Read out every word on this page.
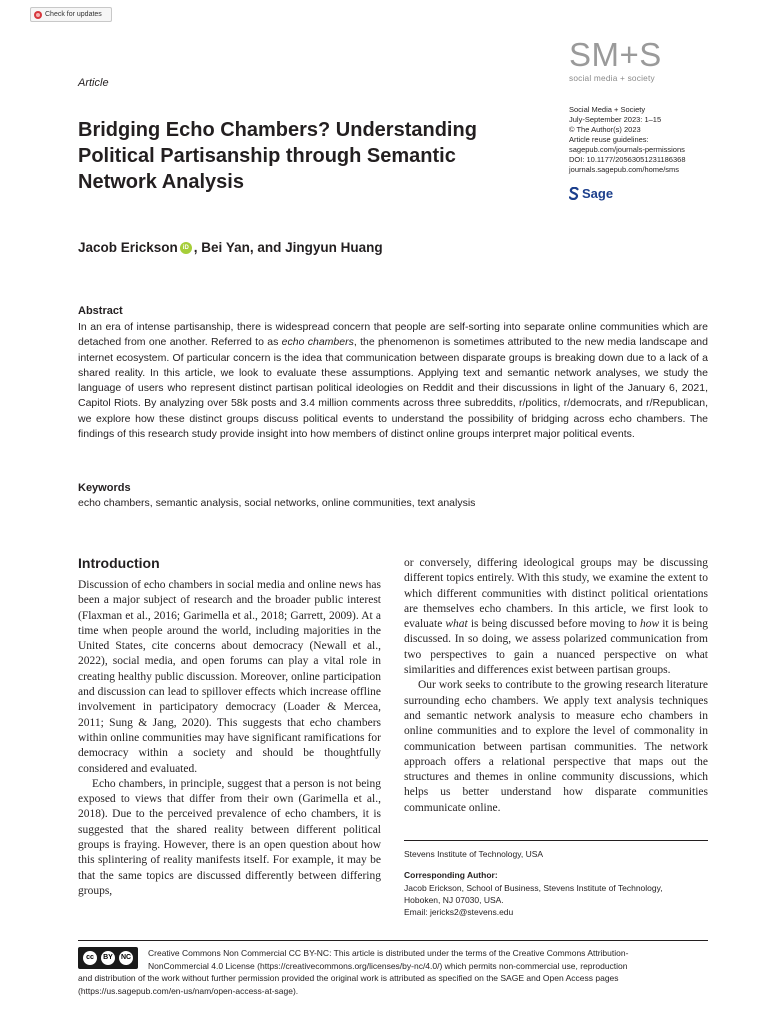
Check for updates
Article
SM+S
social media + society
Social Media + Society
July-September 2023: 1–15
© The Author(s) 2023
Article reuse guidelines:
sagepub.com/journals-permissions
DOI: 10.1177/20563051231186368
journals.sagepub.com/home/sms
Sage
Bridging Echo Chambers? Understanding Political Partisanship through Semantic Network Analysis
Jacob Erickson iD , Bei Yan, and Jingyun Huang
Abstract
In an era of intense partisanship, there is widespread concern that people are self-sorting into separate online communities which are detached from one another. Referred to as echo chambers, the phenomenon is sometimes attributed to the new media landscape and internet ecosystem. Of particular concern is the idea that communication between disparate groups is breaking down due to a lack of a shared reality. In this article, we look to evaluate these assumptions. Applying text and semantic network analyses, we study the language of users who represent distinct partisan political ideologies on Reddit and their discussions in light of the January 6, 2021, Capitol Riots. By analyzing over 58k posts and 3.4 million comments across three subreddits, r/politics, r/democrats, and r/Republican, we explore how these distinct groups discuss political events to understand the possibility of bridging across echo chambers. The findings of this research study provide insight into how members of distinct online groups interpret major political events.
Keywords
echo chambers, semantic analysis, social networks, online communities, text analysis
Introduction

Discussion of echo chambers in social media and online news has been a major subject of research and the broader public interest (Flaxman et al., 2016; Garimella et al., 2018; Garrett, 2009). At a time when people around the world, including majorities in the United States, cite concerns about democracy (Newall et al., 2022), social media, and open forums can play a vital role in creating healthy public discussion. Moreover, online participation and discussion can lead to spillover effects which increase offline involvement in participatory democracy (Loader & Mercea, 2011; Sung & Jang, 2020). This suggests that echo chambers within online communities may have significant ramifications for democracy within a society and should be thoughtfully considered and evaluated.

Echo chambers, in principle, suggest that a person is not being exposed to views that differ from their own (Garimella et al., 2018). Due to the perceived prevalence of echo chambers, it is suggested that the shared reality between different political groups is fraying. However, there is an open question about how this splintering of reality manifests itself. For example, it may be that the same topics are discussed differently between differing groups,

or conversely, differing ideological groups may be discussing different topics entirely. With this study, we examine the extent to which different communities with distinct political orientations are themselves echo chambers. In this article, we first look to evaluate what is being discussed before moving to how it is being discussed. In so doing, we assess polarized communication from two perspectives to gain a nuanced perspective on what similarities and differences exist between partisan groups.

Our work seeks to contribute to the growing research literature surrounding echo chambers. We apply text analysis techniques and semantic network analysis to measure echo chambers in online communities and to explore the level of commonality in communication between partisan communities. The network approach offers a relational perspective that maps out the structures and themes in online community discussions, which helps us better understand how disparate communities communicate online.

Stevens Institute of Technology, USA
Corresponding Author:
Jacob Erickson, School of Business, Stevens Institute of Technology,
Hoboken, NJ 07030, USA.
Email: jericks2@stevens.edu
cc	BY	NC	Creative Commons Non Commercial CC BY-NC: This article is distributed under the terms of the Creative Commons Attribution-
NonCommercial 4.0 License (https://creativecommons.org/licenses/by-nc/4.0/) which permits non-commercial use, reproduction
and distribution of the work without further permission provided the original work is attributed as specified on the SAGE and Open Access pages
(https://us.sagepub.com/en-us/nam/open-access-at-sage).
